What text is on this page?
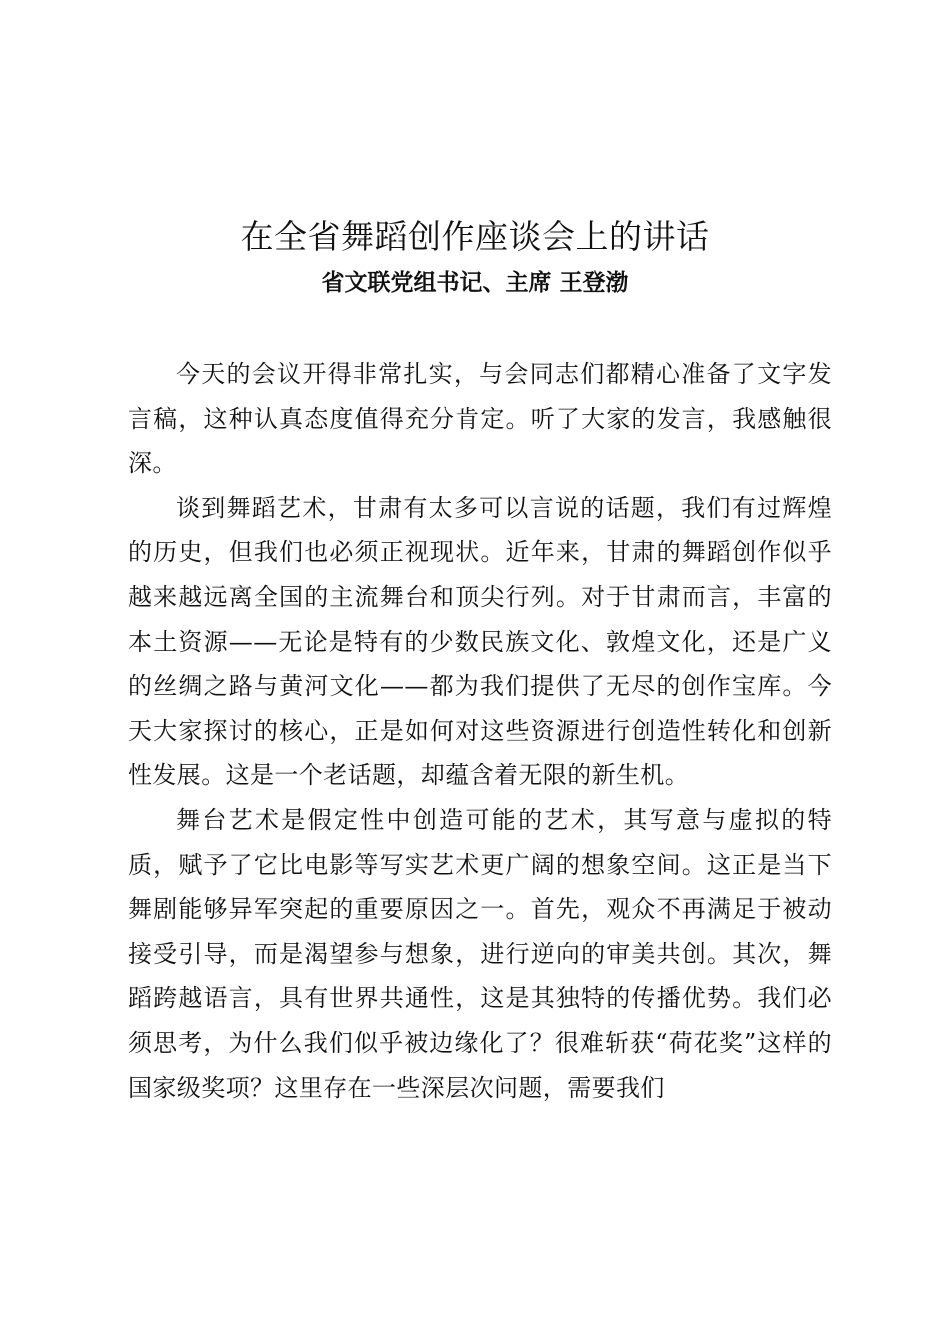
在全省舞蹈创作座谈会上的讲话
省文联党组书记、主席 王登渤

今天的会议开得非常扎实，与会同志们都精心准备了文字发言稿，这种认真态度值得充分肯定。听了大家的发言，我感触很深。

谈到舞蹈艺术，甘肃有太多可以言说的话题，我们有过辉煌的历史，但我们也必须正视现状。近年来，甘肃的舞蹈创作似乎越来越远离全国的主流舞台和顶尖行列。对于甘肃而言，丰富的本土资源——无论是特有的少数民族文化、敦煌文化，还是广义的丝绸之路与黄河文化——都为我们提供了无尽的创作宝库。今天大家探讨的核心，正是如何对这些资源进行创造性转化和创新性发展。这是一个老话题，却蕴含着无限的新生机。

舞台艺术是假定性中创造可能的艺术，其写意与虚拟的特质，赋予了它比电影等写实艺术更广阔的想象空间。这正是当下舞剧能够异军突起的重要原因之一。首先，观众不再满足于被动接受引导，而是渴望参与想象，进行逆向的审美共创。其次，舞蹈跨越语言，具有世界共通性，这是其独特的传播优势。我们必须思考，为什么我们似乎被边缘化了？很难斩获“荷花奖”这样的国家级奖项？这里存在一些深层次问题，需要我们
